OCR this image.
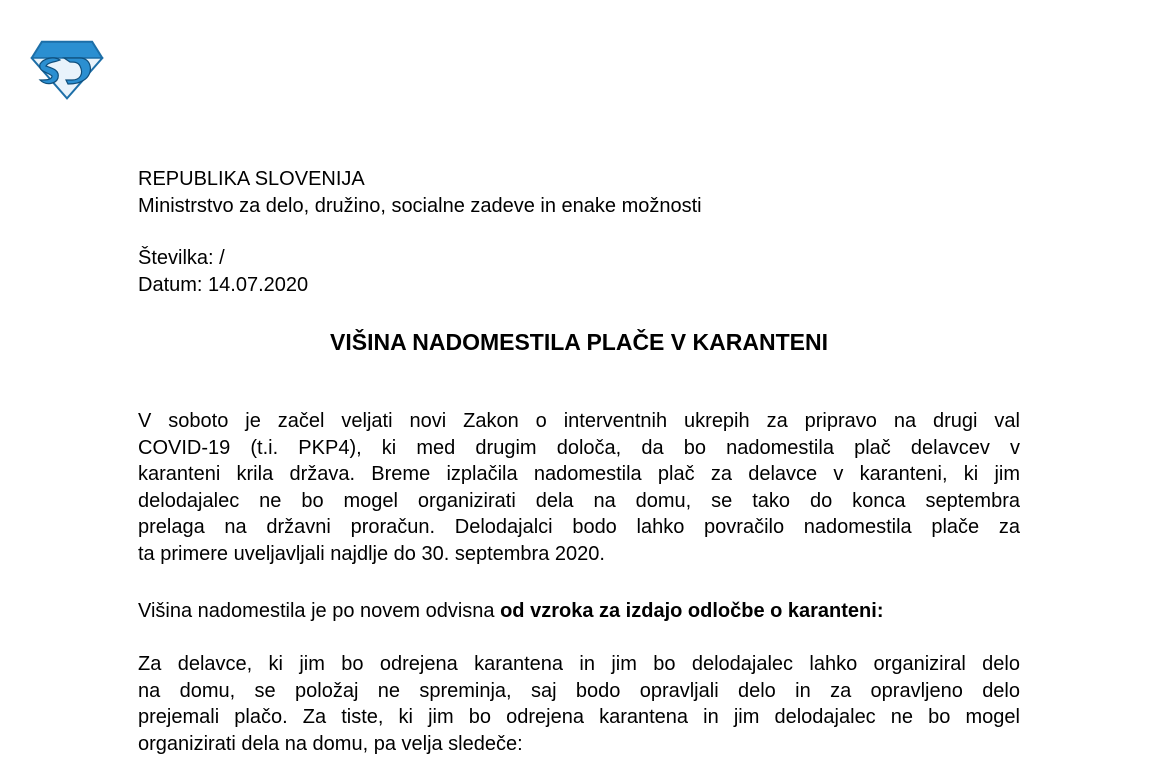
REPUBLIKA SLOVENIJA
Ministrstvo za delo, družino, socialne zadeve in enake možnosti
Številka: /
Datum: 14.07.2020
VIŠINA NADOMESTILA PLAČE V KARANTENI
V soboto je začel veljati novi Zakon o interventnih ukrepih za pripravo na drugi val
COVID-19 (t.i. PKP4), ki med drugim določa, da bo nadomestila plač delavcev v
karanteni krila država. Breme izplačila nadomestila plač za delavce v karanteni, ki jim
delodajalec ne bo mogel organizirati dela na domu, se tako do konca septembra
prelaga na državni proračun. Delodajalci bodo lahko povračilo nadomestila plače za
ta primere uveljavljali najdlje do 30. septembra 2020.
Višina nadomestila je po novem odvisna od vzroka za izdajo odločbe o karanteni:
Za delavce, ki jim bo odrejena karantena in jim bo delodajalec lahko organiziral delo
na domu, se položaj ne spreminja, saj bodo opravljali delo in za opravljeno delo
prejemali plačo. Za tiste, ki jim bo odrejena karantena in jim delodajalec ne bo mogel
organizirati dela na domu, pa velja sledeče:
